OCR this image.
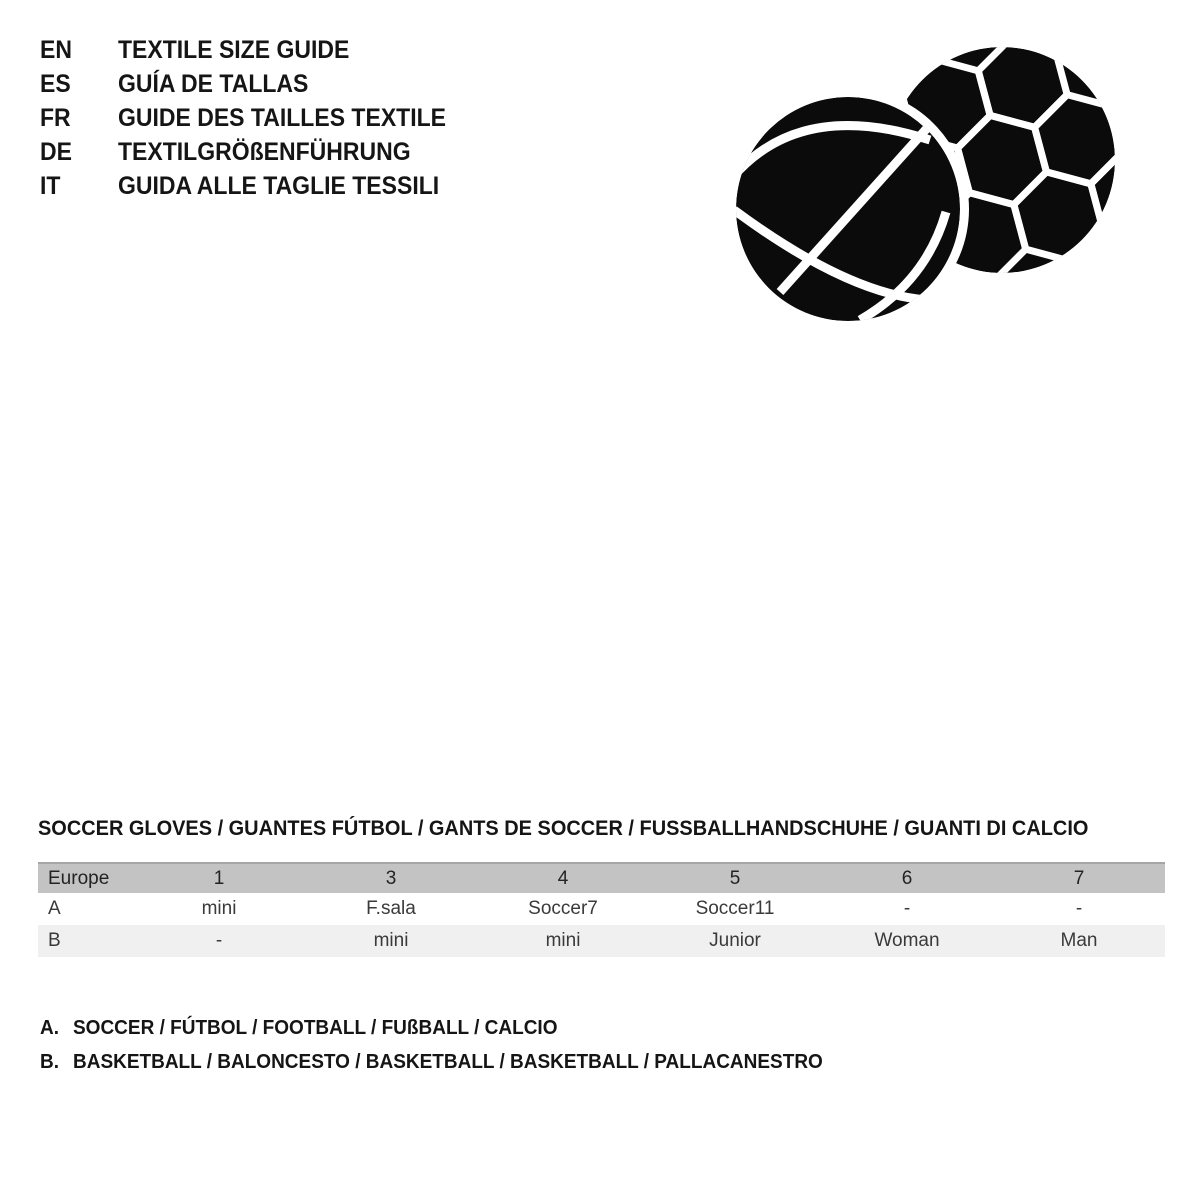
EN	TEXTILE SIZE GUIDE
ES	GUÍA DE TALLAS
FR	GUIDE DES TAILLES TEXTILE
DE	TEXTILGRÖßENFÜHRUNG
IT	GUIDA ALLE TAGLIE TESSILI
SOCCER GLOVES / GUANTES FÚTBOL / GANTS DE SOCCER / FUSSBALLHANDSCHUHE / GUANTI DI CALCIO
Europe	1	3	4	5	6	7
A	mini	F.sala	Soccer7	Soccer11	-	-
B	-	mini	mini	Junior	Woman	Man
A. SOCCER / FÚTBOL / FOOTBALL / FUßBALL / CALCIO
B. BASKETBALL / BALONCESTO / BASKETBALL / BASKETBALL / PALLACANESTRO
